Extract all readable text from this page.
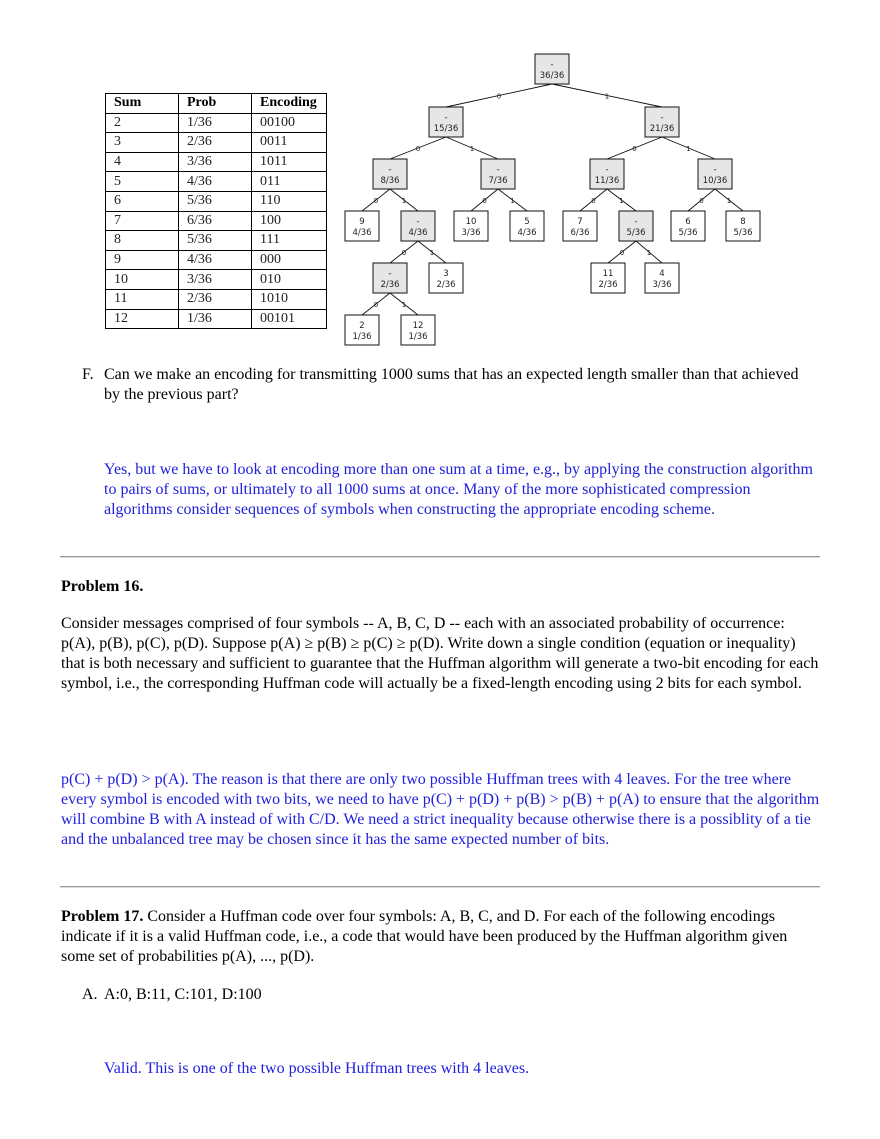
Sum	Prob	Encoding
2	1/36	00100
3	2/36	0011
4	3/36	1011
5	4/36	011
6	5/36	110
7	6/36	100
8	5/36	111
9	4/36	000
10	3/36	010
11	2/36	1010
12	1/36	00101
0	1
0	1	0	1
0	1	0	1	0	1	0	1
0	1	0	1
0	1
-
36/36
-
15/36
-
21/36
-
8/36
-
7/36
-
11/36
-
10/36
9
4/36
-
4/36
10
3/36
5
4/36
7
6/36
-
5/36
6
5/36
8
5/36
-
2/36
3
2/36
11
2/36
4
3/36
2
1/36
12
1/36
F. Can we make an encoding for transmitting 1000 sums that has an expected length smaller than that achieved by the previous part?
Yes, but we have to look at encoding more than one sum at a time, e.g., by applying the construction algorithm to pairs of sums, or ultimately to all 1000 sums at once. Many of the more sophisticated compression algorithms consider sequences of symbols when constructing the appropriate encoding scheme.
Problem 16.
Consider messages comprised of four symbols -- A, B, C, D -- each with an associated probability of occurrence: p(A), p(B), p(C), p(D). Suppose p(A) ≥ p(B) ≥ p(C) ≥ p(D). Write down a single condition (equation or inequality) that is both necessary and sufficient to guarantee that the Huffman algorithm will generate a two-bit encoding for each symbol, i.e., the corresponding Huffman code will actually be a fixed-length encoding using 2 bits for each symbol.
p(C) + p(D) > p(A). The reason is that there are only two possible Huffman trees with 4 leaves. For the tree where every symbol is encoded with two bits, we need to have p(C) + p(D) + p(B) > p(B) + p(A) to ensure that the algorithm will combine B with A instead of with C/D. We need a strict inequality because otherwise there is a possiblity of a tie and the unbalanced tree may be chosen since it has the same expected number of bits.
Problem 17. Consider a Huffman code over four symbols: A, B, C, and D. For each of the following encodings indicate if it is a valid Huffman code, i.e., a code that would have been produced by the Huffman algorithm given some set of probabilities p(A), ..., p(D).
A. A:0, B:11, C:101, D:100
Valid. This is one of the two possible Huffman trees with 4 leaves.
